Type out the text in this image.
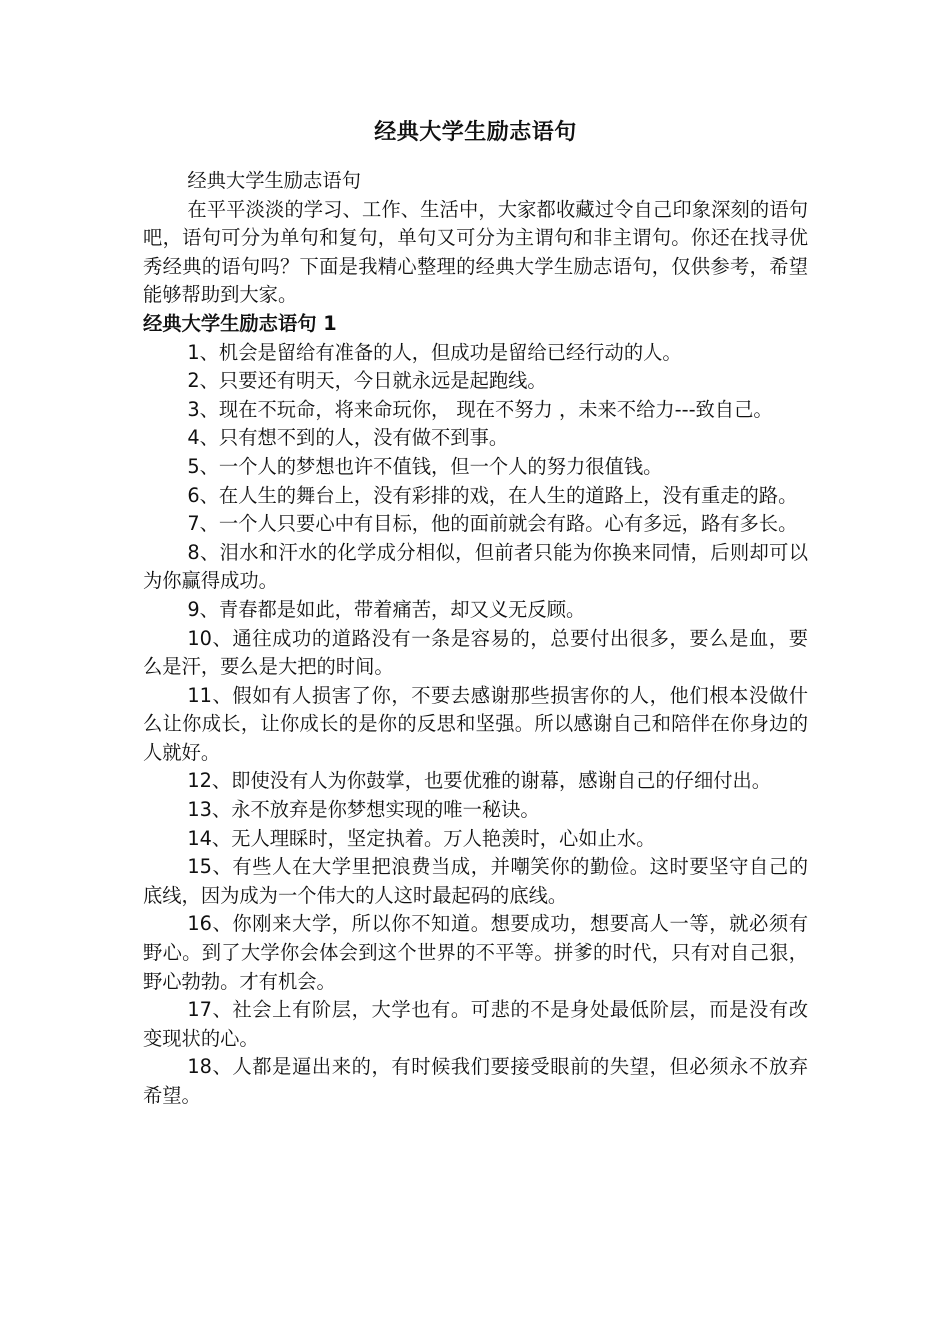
经典大学生励志语句

经典大学生励志语句

在平平淡淡的学习、工作、生活中，大家都收藏过令自己印象深刻的语句吧，语句可分为单句和复句，单句又可分为主谓句和非主谓句。你还在找寻优秀经典的语句吗？下面是我精心整理的经典大学生励志语句，仅供参考，希望能够帮助到大家。

经典大学生励志语句 1

1、机会是留给有准备的人，但成功是留给已经行动的人。

2、只要还有明天，今日就永远是起跑线。

3、现在不玩命，将来命玩你， 现在不努力 ，未来不给力---致自己。

4、只有想不到的人，没有做不到事。

5、一个人的梦想也许不值钱，但一个人的努力很值钱。

6、在人生的舞台上，没有彩排的戏，在人生的道路上，没有重走的路。

7、一个人只要心中有目标，他的面前就会有路。心有多远，路有多长。

8、泪水和汗水的化学成分相似，但前者只能为你换来同情，后则却可以为你赢得成功。

9、青春都是如此，带着痛苦，却又义无反顾。

10、通往成功的道路没有一条是容易的，总要付出很多，要么是血，要么是汗，要么是大把的时间。

11、假如有人损害了你，不要去感谢那些损害你的人，他们根本没做什么让你成长，让你成长的是你的反思和坚强。所以感谢自己和陪伴在你身边的人就好。

12、即使没有人为你鼓掌，也要优雅的谢幕，感谢自己的仔细付出。

13、永不放弃是你梦想实现的唯一秘诀。

14、无人理睬时，坚定执着。万人艳羡时，心如止水。

15、有些人在大学里把浪费当成，并嘲笑你的勤俭。这时要坚守自己的底线，因为成为一个伟大的人这时最起码的底线。

16、你刚来大学，所以你不知道。想要成功，想要高人一等，就必须有野心。到了大学你会体会到这个世界的不平等。拼爹的时代，只有对自己狠，野心勃勃。才有机会。

17、社会上有阶层，大学也有。可悲的不是身处最低阶层，而是没有改变现状的心。

18、人都是逼出来的，有时候我们要接受眼前的失望，但必须永不放弃希望。
